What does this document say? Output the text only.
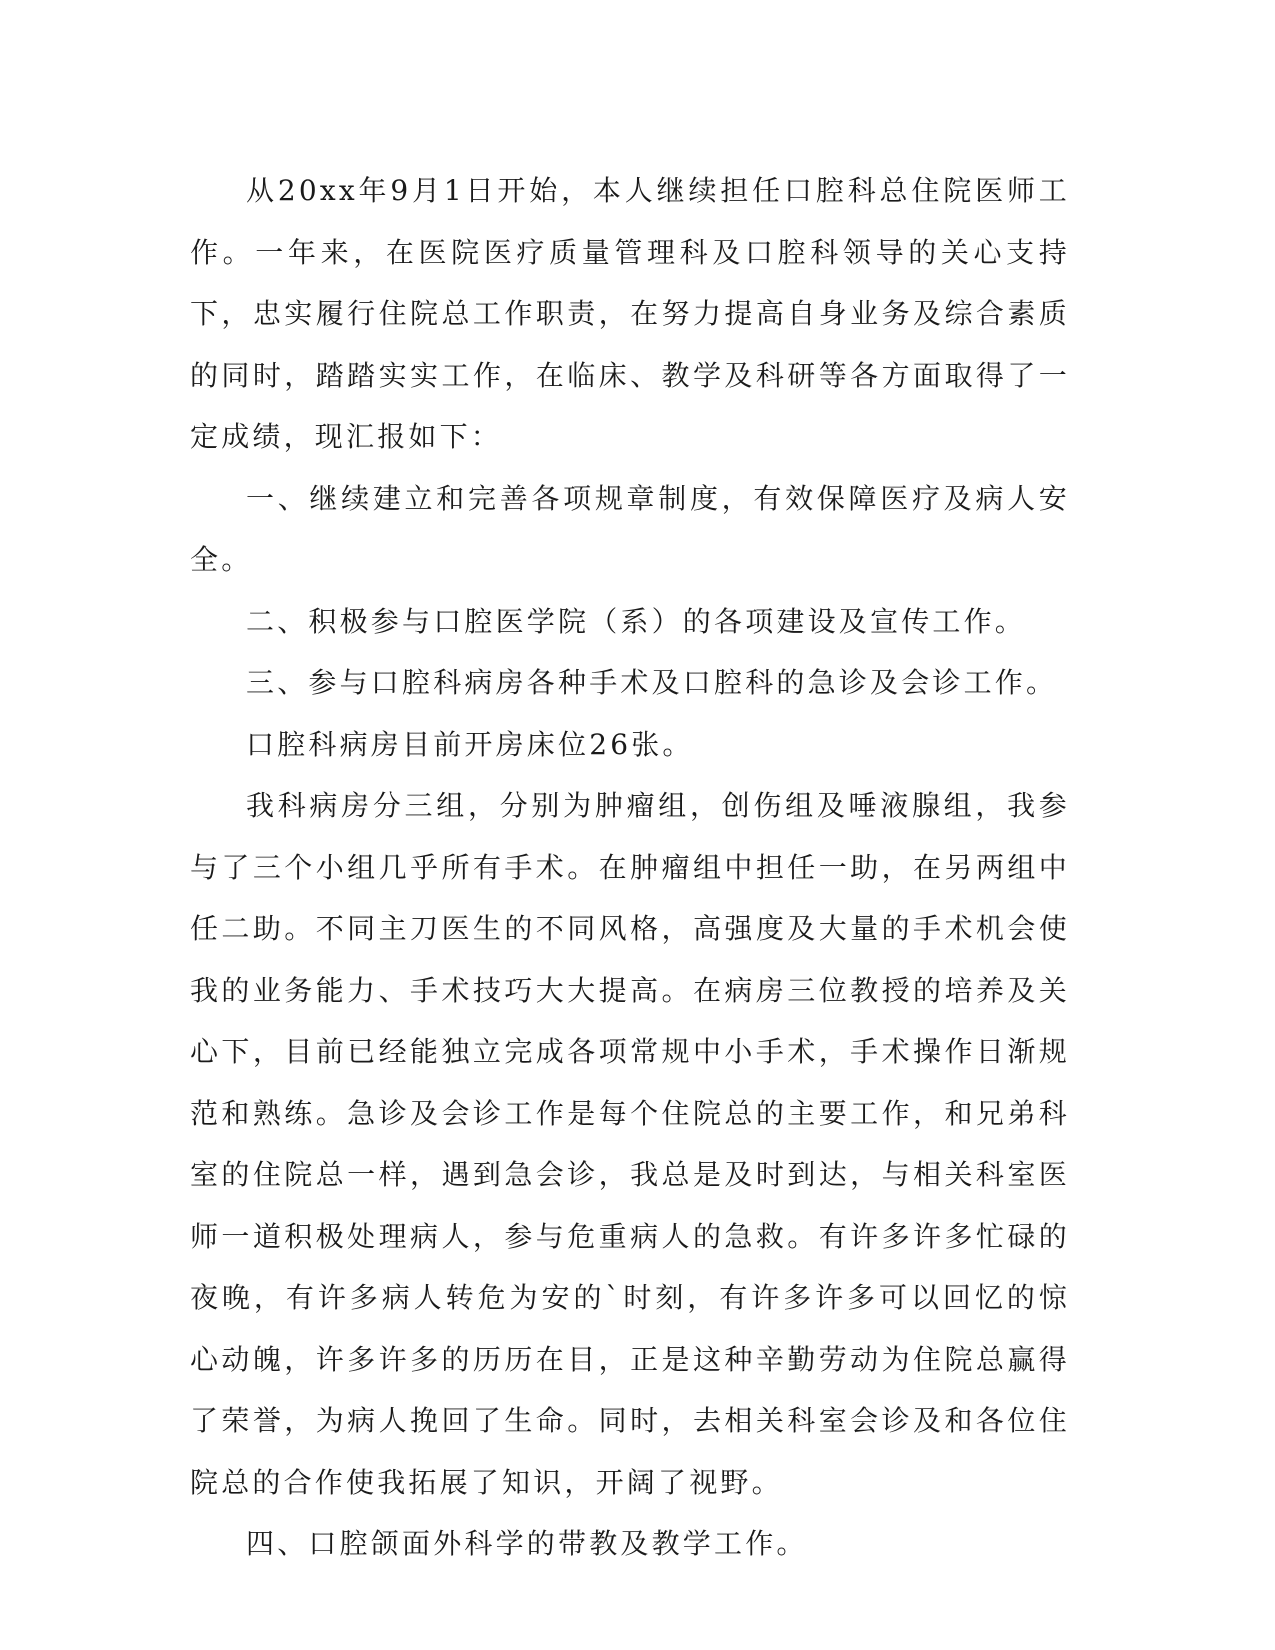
从20xx年9月1日开始，本人继续担任口腔科总住院医师工作。一年来，在医院医疗质量管理科及口腔科领导的关心支持下，忠实履行住院总工作职责，在努力提高自身业务及综合素质的同时，踏踏实实工作，在临床、教学及科研等各方面取得了一定成绩，现汇报如下：

一、继续建立和完善各项规章制度，有效保障医疗及病人安全。

二、积极参与口腔医学院（系）的各项建设及宣传工作。

三、参与口腔科病房各种手术及口腔科的急诊及会诊工作。

口腔科病房目前开房床位26张。

我科病房分三组，分别为肿瘤组，创伤组及唾液腺组，我参与了三个小组几乎所有手术。在肿瘤组中担任一助，在另两组中任二助。不同主刀医生的不同风格，高强度及大量的手术机会使我的业务能力、手术技巧大大提高。在病房三位教授的培养及关心下，目前已经能独立完成各项常规中小手术，手术操作日渐规范和熟练。急诊及会诊工作是每个住院总的主要工作，和兄弟科室的住院总一样，遇到急会诊，我总是及时到达，与相关科室医师一道积极处理病人，参与危重病人的急救。有许多许多忙碌的夜晚，有许多病人转危为安的`时刻，有许多许多可以回忆的惊心动魄，许多许多的历历在目，正是这种辛勤劳动为住院总赢得了荣誉，为病人挽回了生命。同时，去相关科室会诊及和各位住院总的合作使我拓展了知识，开阔了视野。

四、口腔颌面外科学的带教及教学工作。
